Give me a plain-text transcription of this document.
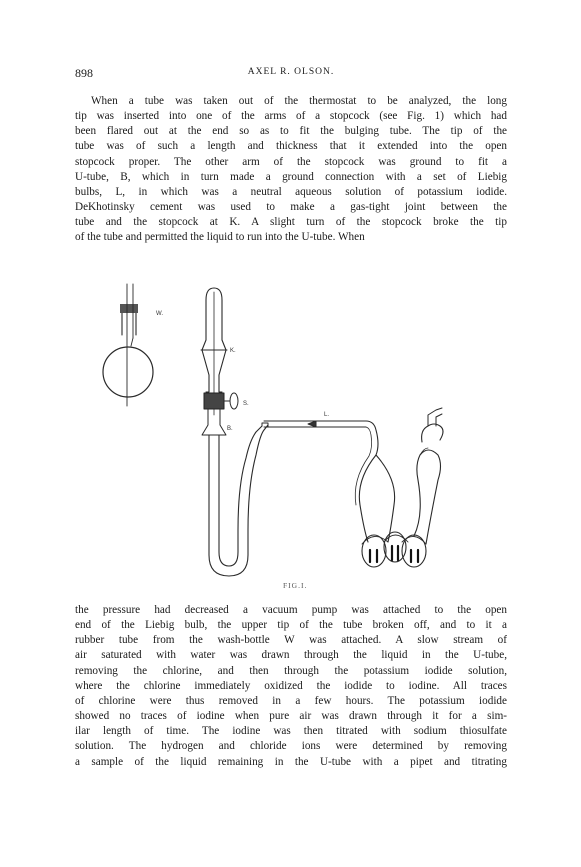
898	AXEL R. OLSON.
When a tube was taken out of the thermostat to be analyzed, the long
tip was inserted into one of the arms of a stopcock (see Fig. 1) which had
been flared out at the end so as to fit the bulging tube. The tip of the
tube was of such a length and thickness that it extended into the open
stopcock proper. The other arm of the stopcock was ground to fit a
U-tube, B, which in turn made a ground connection with a set of Liebig
bulbs, L, in which was a neutral aqueous solution of potassium iodide.
DeKhotinsky cement was used to make a gas-tight joint between the
tube and the stopcock at K. A slight turn of the stopcock broke the tip
of the tube and permitted the liquid to run into the U-tube. When
W.
K.
S.
B.
L.
FIG.I.
the pressure had decreased a vacuum pump was attached to the open
end of the Liebig bulb, the upper tip of the tube broken off, and to it a
rubber tube from the wash-bottle W was attached. A slow stream of
air saturated with water was drawn through the liquid in the U-tube,
removing the chlorine, and then through the potassium iodide solution,
where the chlorine immediately oxidized the iodide to iodine. All traces
of chlorine were thus removed in a few hours. The potassium iodide
showed no traces of iodine when pure air was drawn through it for a sim-
ilar length of time. The iodine was then titrated with sodium thiosulfate
solution. The hydrogen and chloride ions were determined by removing
a sample of the liquid remaining in the U-tube with a pipet and titrating
